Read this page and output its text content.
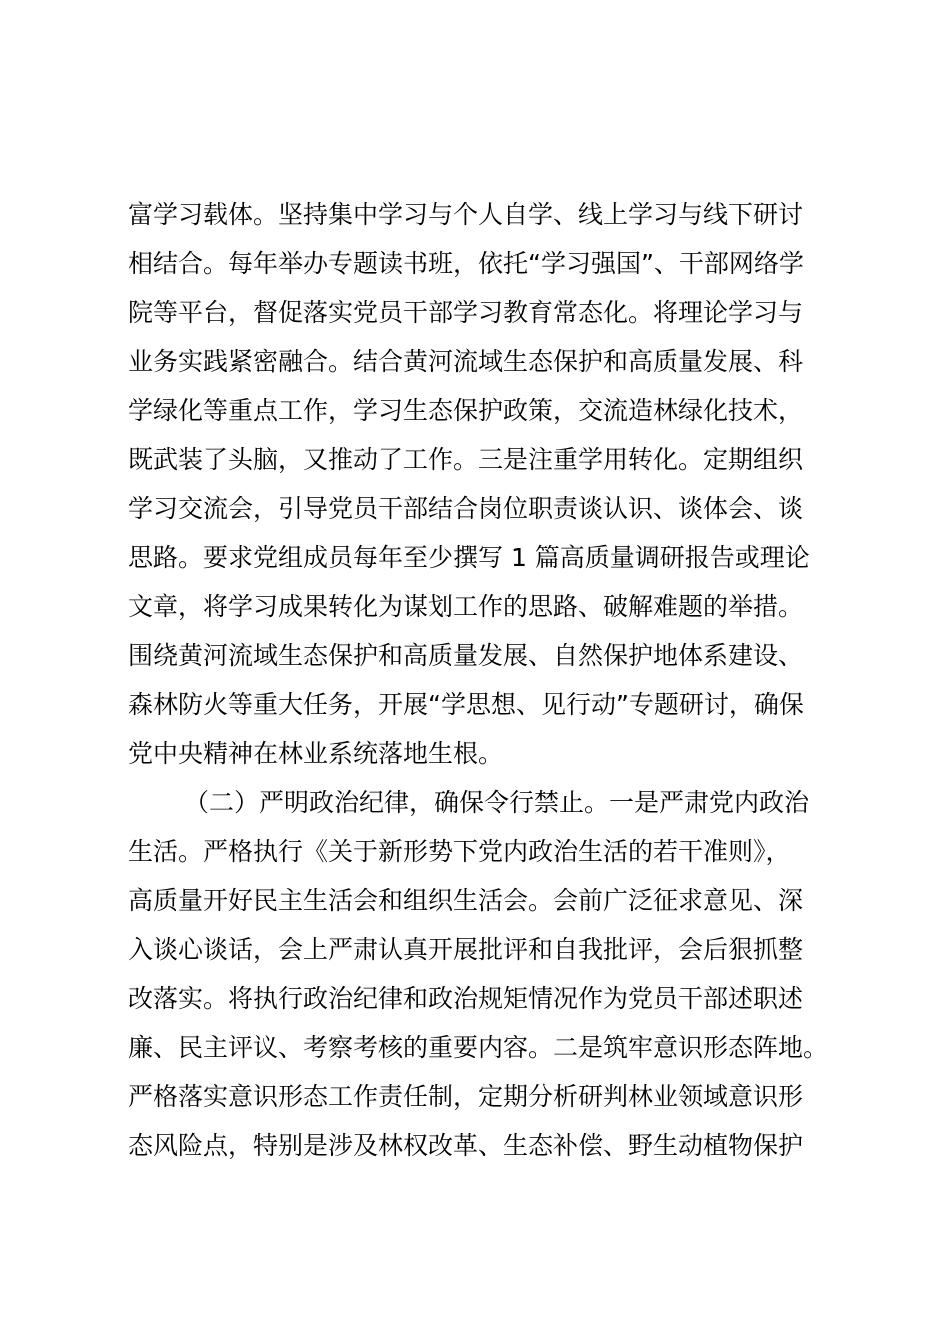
富学习载体。坚持集中学习与个人自学、线上学习与线下研讨
相结合。每年举办专题读书班，依托“学习强国”、干部网络学
院等平台，督促落实党员干部学习教育常态化。将理论学习与
业务实践紧密融合。结合黄河流域生态保护和高质量发展、科
学绿化等重点工作，学习生态保护政策，交流造林绿化技术，
既武装了头脑，又推动了工作。三是注重学用转化。定期组织
学习交流会，引导党员干部结合岗位职责谈认识、谈体会、谈
思路。要求党组成员每年至少撰写 1 篇高质量调研报告或理论
文章，将学习成果转化为谋划工作的思路、破解难题的举措。
围绕黄河流域生态保护和高质量发展、自然保护地体系建设、
森林防火等重大任务，开展“学思想、见行动”专题研讨，确保
党中央精神在林业系统落地生根。
（二）严明政治纪律，确保令行禁止。一是严肃党内政治
生活。严格执行《关于新形势下党内政治生活的若干准则》，
高质量开好民主生活会和组织生活会。会前广泛征求意见、深
入谈心谈话，会上严肃认真开展批评和自我批评，会后狠抓整
改落实。将执行政治纪律和政治规矩情况作为党员干部述职述
廉、民主评议、考察考核的重要内容。二是筑牢意识形态阵地。
严格落实意识形态工作责任制，定期分析研判林业领域意识形
态风险点，特别是涉及林权改革、生态补偿、野生动植物保护
